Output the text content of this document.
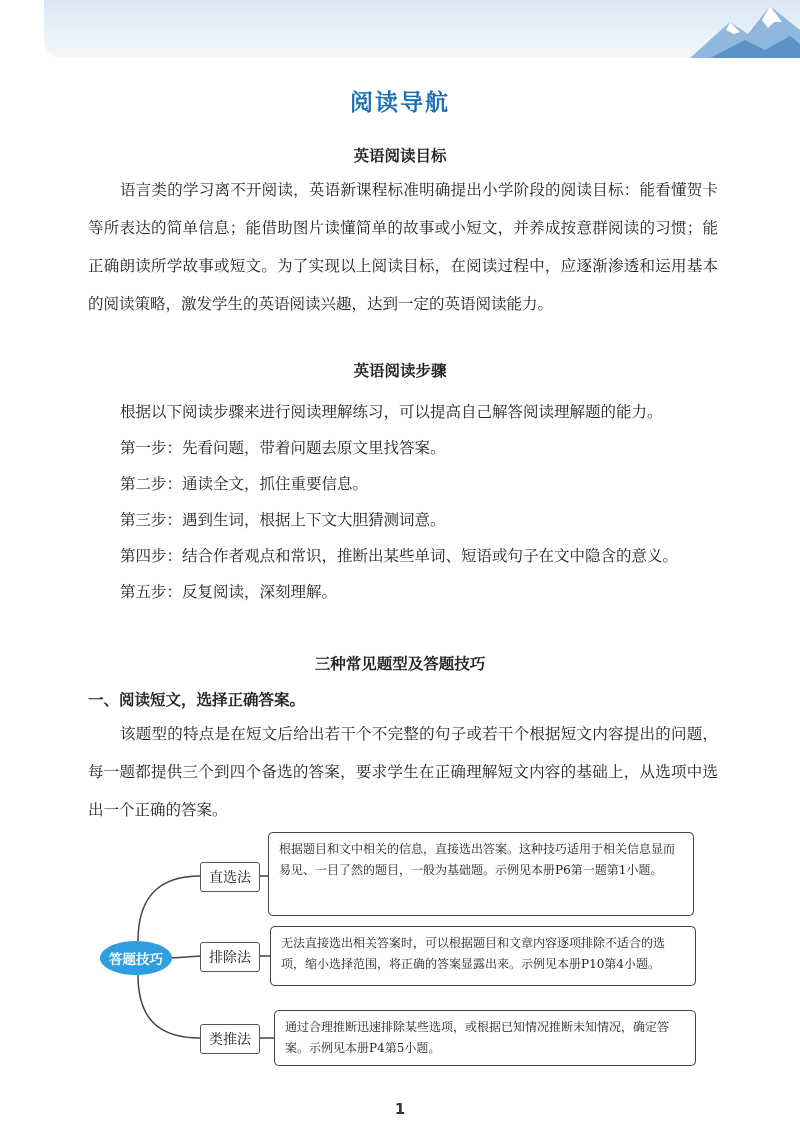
阅读导航
英语阅读目标

语言类的学习离不开阅读，英语新课程标准明确提出小学阶段的阅读目标：能看懂贺卡等所表达的简单信息；能借助图片读懂简单的故事或小短文，并养成按意群阅读的习惯；能正确朗读所学故事或短文。为了实现以上阅读目标，在阅读过程中，应逐渐渗透和运用基本的阅读策略，激发学生的英语阅读兴趣，达到一定的英语阅读能力。

英语阅读步骤
根据以下阅读步骤来进行阅读理解练习，可以提高自己解答阅读理解题的能力。
第一步：先看问题，带着问题去原文里找答案。
第二步：通读全文，抓住重要信息。
第三步：遇到生词，根据上下文大胆猜测词意。
第四步：结合作者观点和常识，推断出某些单词、短语或句子在文中隐含的意义。
第五步：反复阅读，深刻理解。
三种常见题型及答题技巧
一、阅读短文，选择正确答案。

该题型的特点是在短文后给出若干个不完整的句子或若干个根据短文内容提出的问题，每一题都提供三个到四个备选的答案，要求学生在正确理解短文内容的基础上，从选项中选出一个正确的答案。

答题技巧
直选法
排除法
类推法
根据题目和文中相关的信息，直接选出答案。这种技巧适用于相关信息显而易见、一目了然的题目，一般为基础题。示例见本册P6第一题第1小题。
无法直接选出相关答案时，可以根据题目和文章内容逐项排除不适合的选项，缩小选择范围，将正确的答案显露出来。示例见本册P10第4小题。
通过合理推断迅速排除某些选项，或根据已知情况推断未知情况，确定答案。示例见本册P4第5小题。
1
